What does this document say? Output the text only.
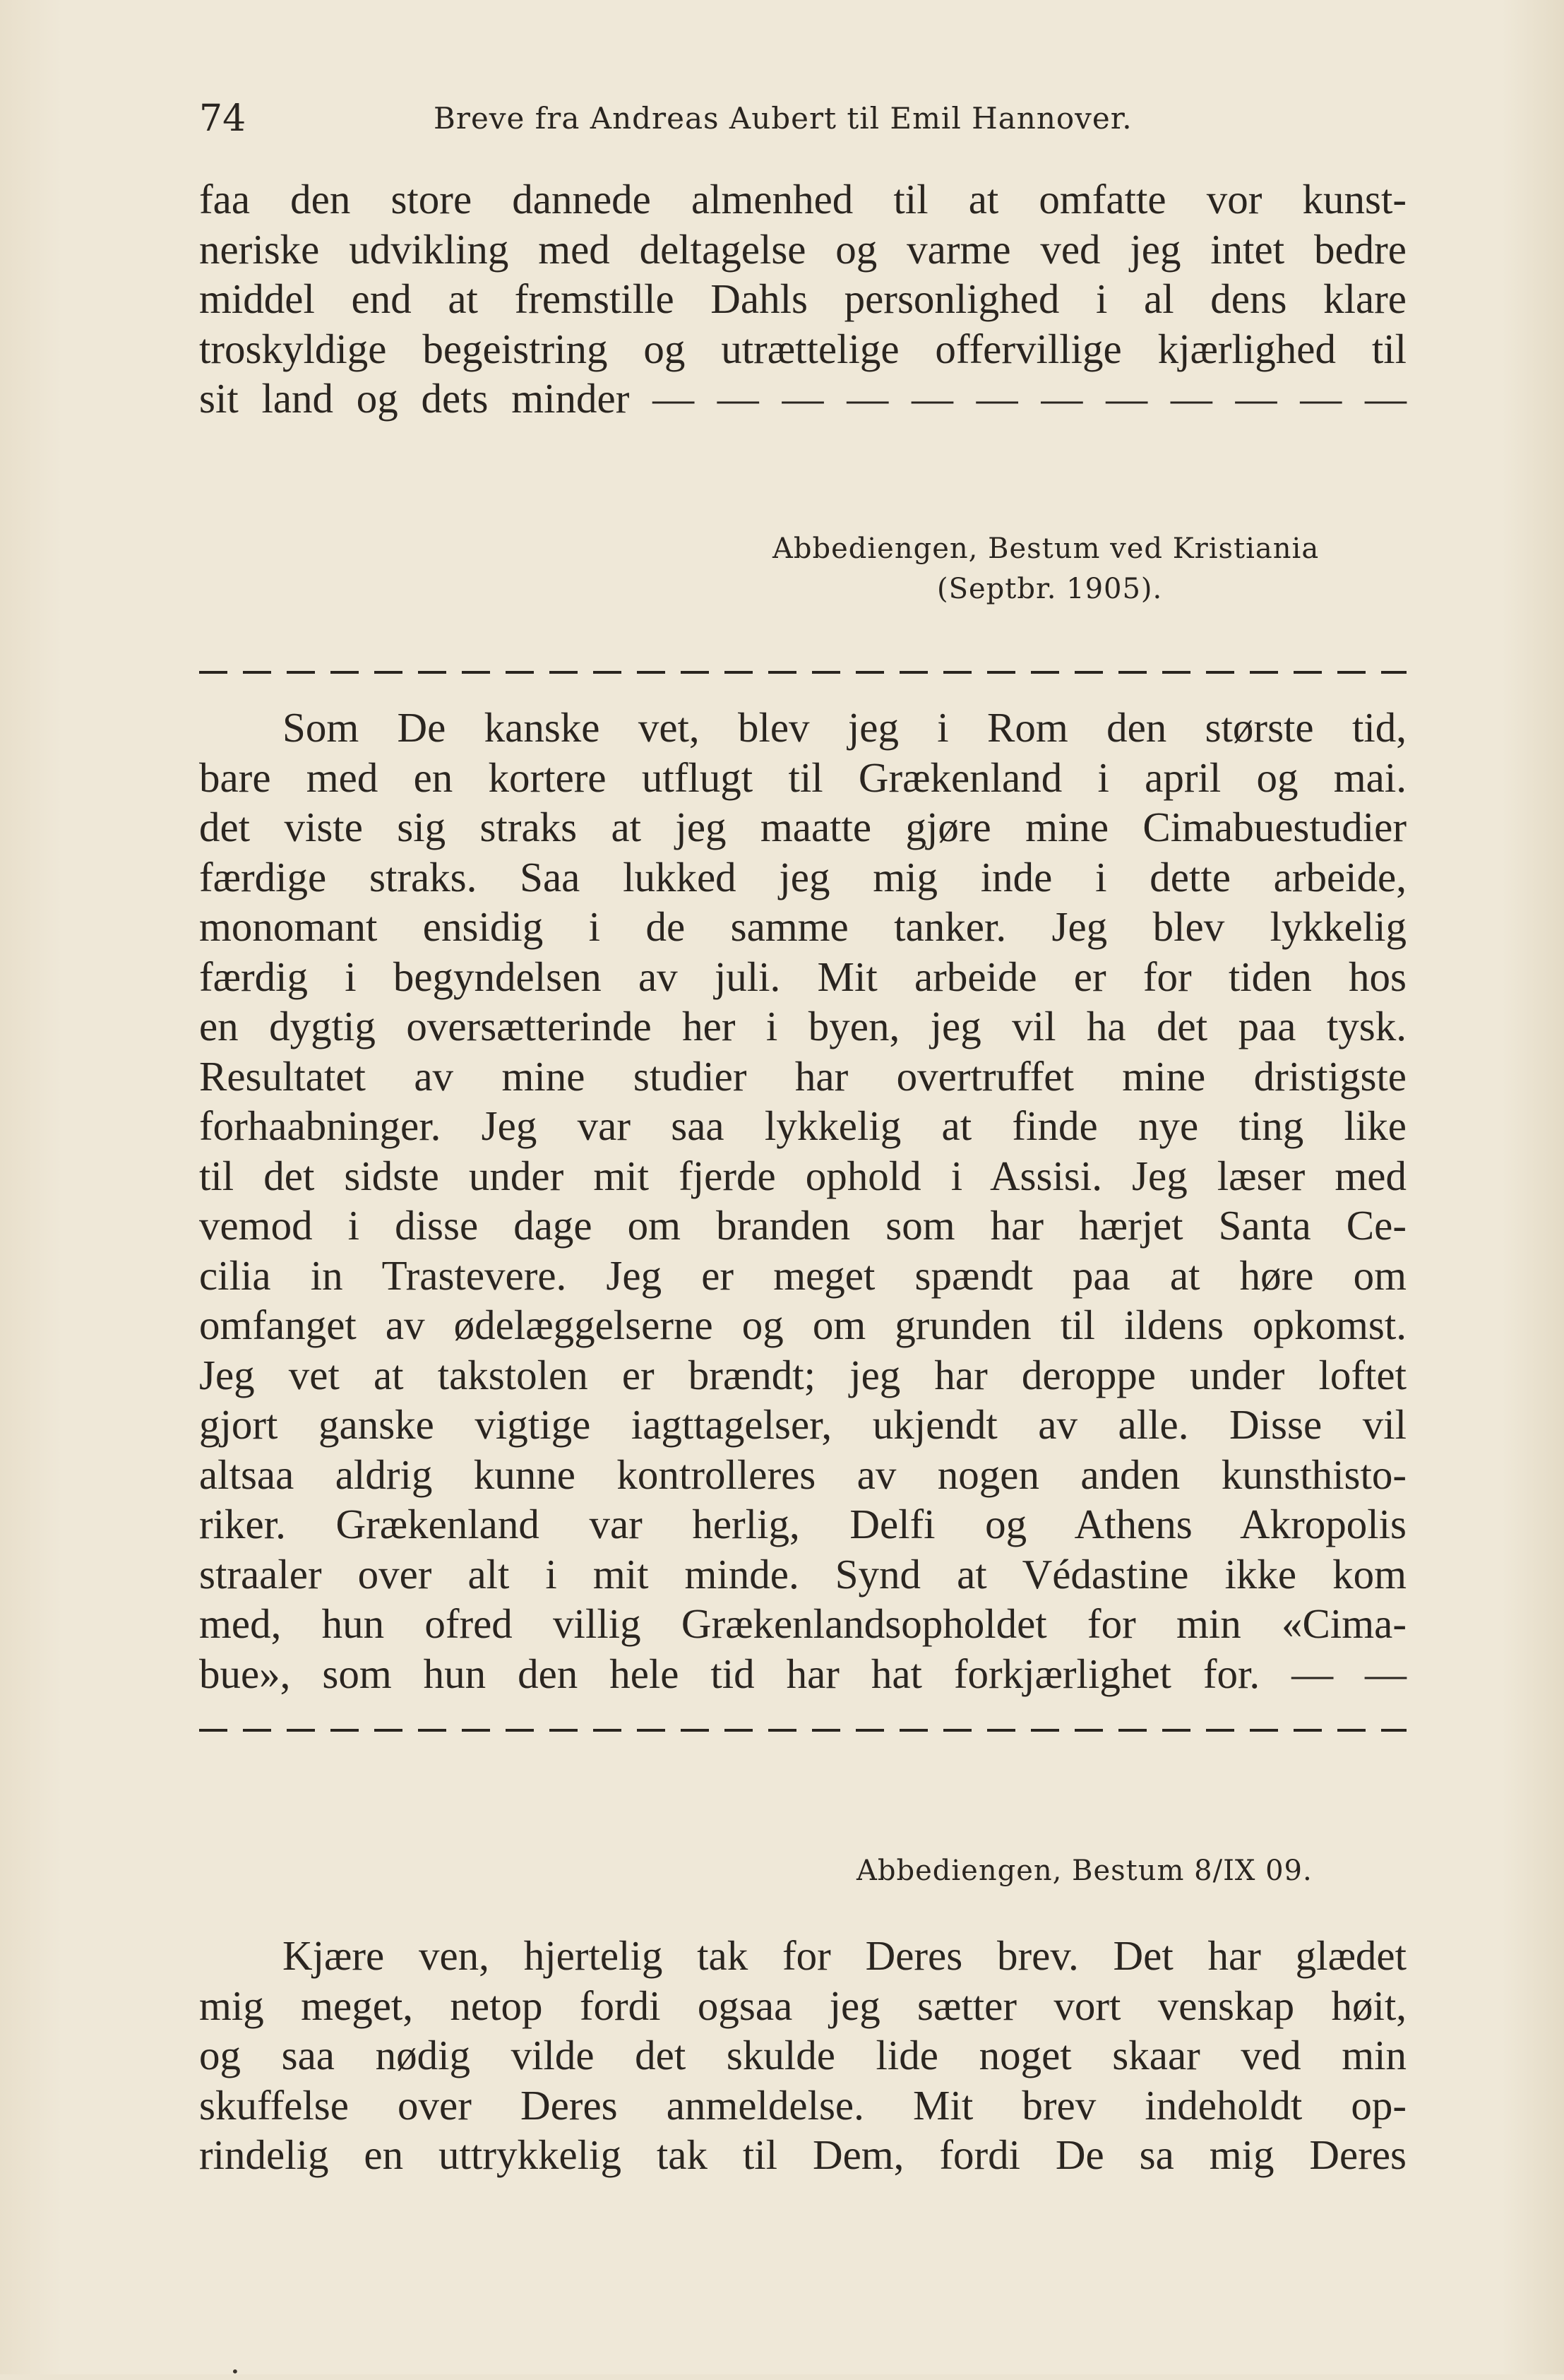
74	Breve fra Andreas Aubert til Emil Hannover.
faa den store dannede almenhed til at omfatte vor kunst-
neriske udvikling med deltagelse og varme ved jeg intet bedre
middel end at fremstille Dahls personlighed i al dens klare
troskyldige begeistring og utrættelige offervillige kjærlighed til
sit land og dets minder — — — — — — — — — — — —
Abbediengen, Bestum ved Kristiania
(Septbr. 1905).
Som De kanske vet, blev jeg i Rom den største tid,
bare med en kortere utflugt til Grækenland i april og mai.
det viste sig straks at jeg maatte gjøre mine Cimabuestudier
færdige straks. Saa lukked jeg mig inde i dette arbeide,
monomant ensidig i de samme tanker. Jeg blev lykkelig
færdig i begyndelsen av juli. Mit arbeide er for tiden hos
en dygtig oversætterinde her i byen, jeg vil ha det paa tysk.
Resultatet av mine studier har overtruffet mine dristigste
forhaabninger. Jeg var saa lykkelig at finde nye ting like
til det sidste under mit fjerde ophold i Assisi. Jeg læser med
vemod i disse dage om branden som har hærjet Santa Ce-
cilia in Trastevere. Jeg er meget spændt paa at høre om
omfanget av ødelæggelserne og om grunden til ildens opkomst.
Jeg vet at takstolen er brændt; jeg har deroppe under loftet
gjort ganske vigtige iagttagelser, ukjendt av alle. Disse vil
altsaa aldrig kunne kontrolleres av nogen anden kunsthisto-
riker. Grækenland var herlig, Delfi og Athens Akropolis
straaler over alt i mit minde. Synd at Védastine ikke kom
med, hun ofred villig Grækenlandsopholdet for min «Cima-
bue», som hun den hele tid har hat forkjærlighet for. — —
Abbediengen, Bestum 8/IX 09.
Kjære ven, hjertelig tak for Deres brev. Det har glædet
mig meget, netop fordi ogsaa jeg sætter vort venskap høit,
og saa nødig vilde det skulde lide noget skaar ved min
skuffelse over Deres anmeldelse. Mit brev indeholdt op-
rindelig en uttrykkelig tak til Dem, fordi De sa mig Deres
•
